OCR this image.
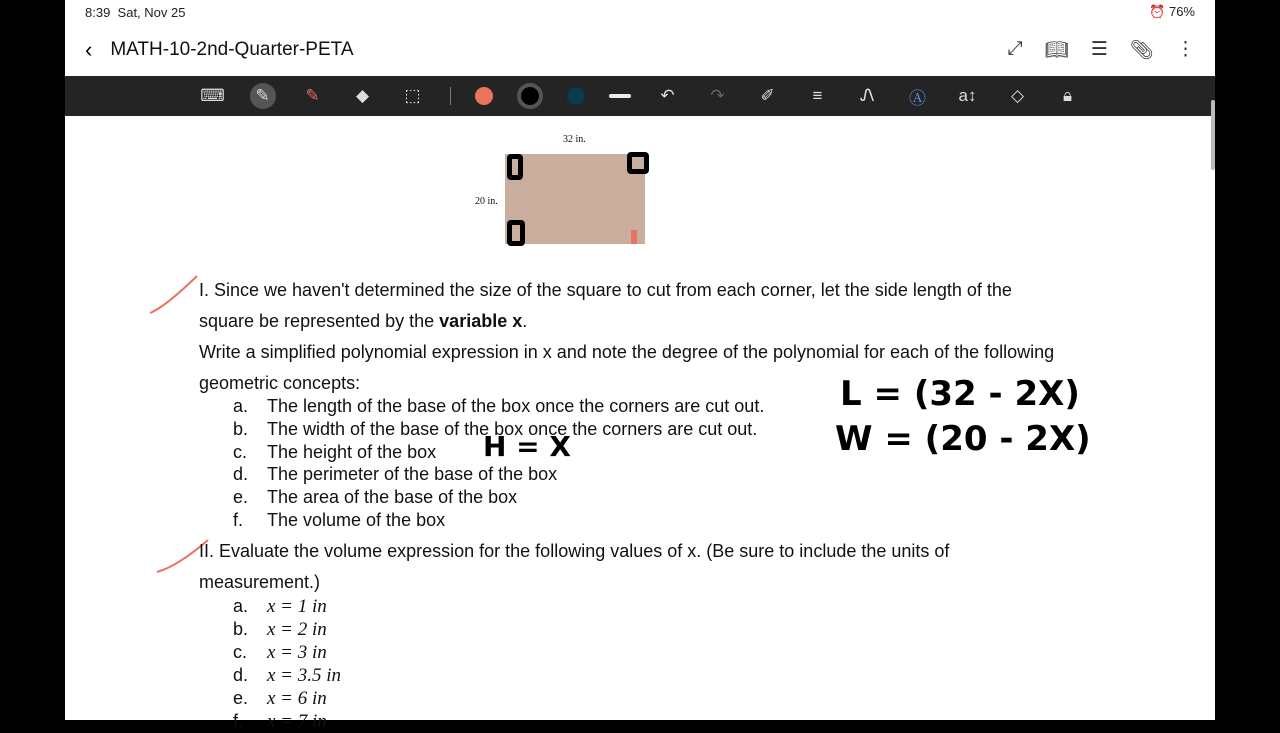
8:39 Sat, Nov 25	⏰ 76%
‹ MATH-10-2nd-Quarter-PETA	⤢ 📖︎ ☰ 📎︎ ⋮
⌨	✎	✎	◆	⬚	↶	↷	✐	≡	Ꮑ	Ⓐ a↕	◇	🔒︎
32 in.
20 in.
I. Since we haven't determined the size of the square to cut from each corner, let the side length of the
square be represented by the variable x.
Write a simplified polynomial expression in x and note the degree of the polynomial for each of the following
geometric concepts:
a. The length of the base of the box once the corners are cut out.
b. The width of the base of the box once the corners are cut out.
c. The height of the box
d. The perimeter of the base of the box
e. The area of the base of the box
f. The volume of the box
II. Evaluate the volume expression for the following values of x. (Be sure to include the units of
measurement.)
a. x = 1 in
b. x = 2 in
c. x = 3 in
d. x = 3.5 in
e. x = 6 in
f. x = 7 in
H = X
L = (32 - 2X)
W = (20 - 2X)
